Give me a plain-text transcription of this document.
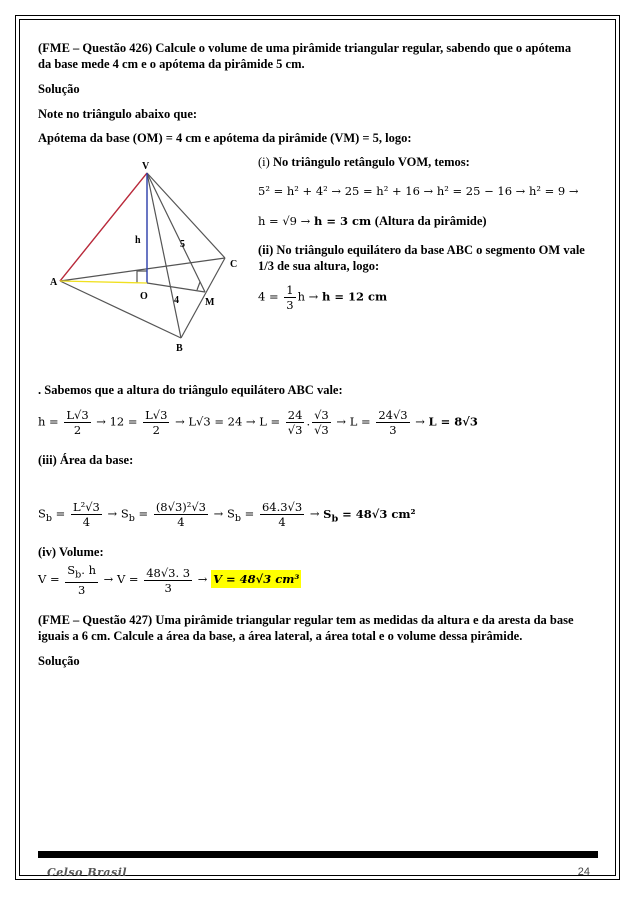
(FME – Questão 426) Calcule o volume de uma pirâmide triangular regular, sabendo que o apótema
da base mede 4 cm e o apótema da pirâmide 5 cm.
Solução
Note no triângulo abaixo que:
Apótema da base (OM) = 4 cm e apótema da pirâmide (VM) = 5, logo:
V
h	5
C
A
O	4	M
B
(i) No triângulo retângulo VOM, temos:
5² = h² + 4² → 25 = h² + 16 → h² = 25 − 16 → h² = 9 →
h = √9 → h = 3 cm (Altura da pirâmide)
(ii) No triângulo equilátero da base ABC o segmento OM vale
1/3 de sua altura, logo:
$4 = \frac{1}{3}$ h → h = 12 cm
. Sabemos que a altura do triângulo equilátero ABC vale:
$h = \frac{L√3}{2} \to 12 = \frac{L√3}{2} \to L√3 = 24 \to L = \frac{24}{√3}$ . $\frac{√3}{√3} \to L = \frac{24√3}{3} \to L = 8√3$
(iii) Área da base:
$S_b = \frac{\text{L²√3}}{4} \to S_b = \frac{\text{(8√3)²√3}}{4} \to S_b = \frac{64.3√3}{4} \to S_b = 48√3$ cm²
(iv) Volume:
$V = \frac{S_b. h}{3} \to V = \frac{48√3. 3}{3} \to V = 48√3$ cm³
(FME – Questão 427) Uma pirâmide triangular regular tem as medidas da altura e da aresta da base
iguais a 6 cm. Calcule a área da base, a área lateral, a área total e o volume dessa pirâmide.
Solução
Celso Brasil	24
